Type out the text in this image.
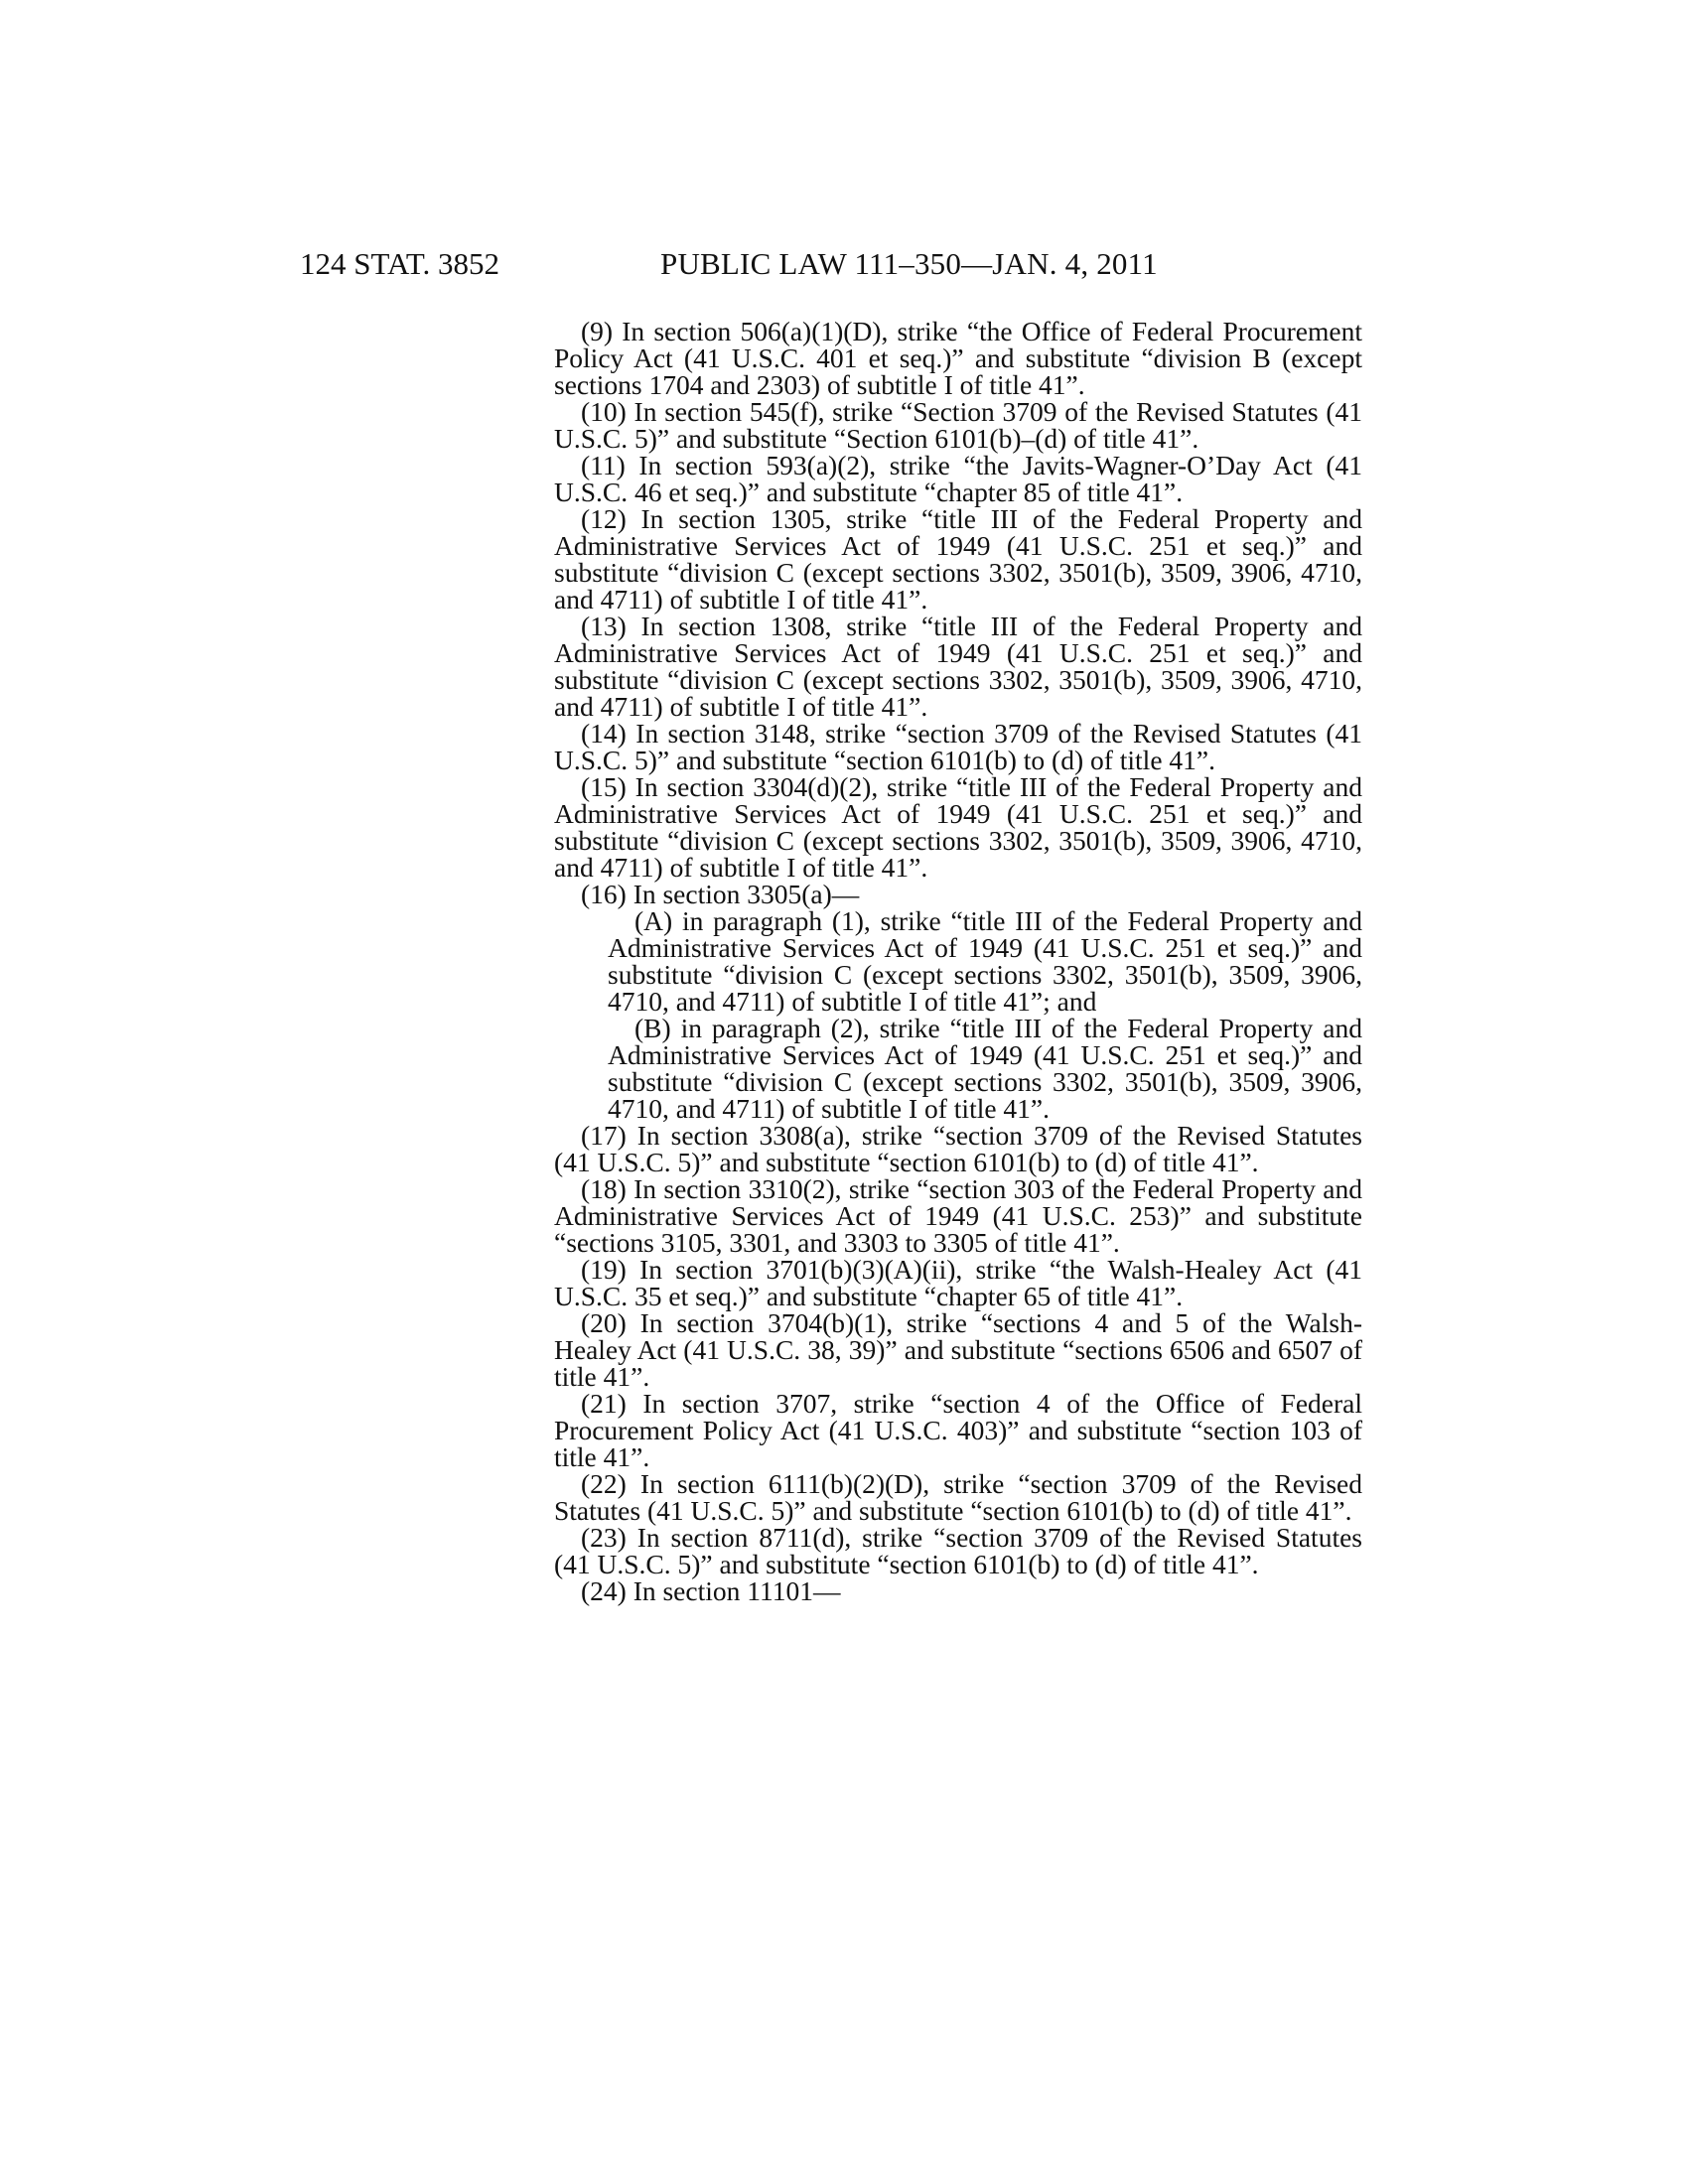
124 STAT. 3852	PUBLIC LAW 111–350—JAN. 4, 2011

(9) In section 506(a)(1)(D), strike “the Office of Federal Procurement Policy Act (41 U.S.C. 401 et seq.)” and substitute “division B (except sections 1704 and 2303) of subtitle I of title 41”.

(10) In section 545(f), strike “Section 3709 of the Revised Statutes (41 U.S.C. 5)” and substitute “Section 6101(b)–(d) of title 41”.

(11) In section 593(a)(2), strike “the Javits-Wagner-O’Day Act (41 U.S.C. 46 et seq.)” and substitute “chapter 85 of title 41”.

(12) In section 1305, strike “title III of the Federal Property and Administrative Services Act of 1949 (41 U.S.C. 251 et seq.)” and substitute “division C (except sections 3302, 3501(b), 3509, 3906, 4710, and 4711) of subtitle I of title 41”.

(13) In section 1308, strike “title III of the Federal Property and Administrative Services Act of 1949 (41 U.S.C. 251 et seq.)” and substitute “division C (except sections 3302, 3501(b), 3509, 3906, 4710, and 4711) of subtitle I of title 41”.

(14) In section 3148, strike “section 3709 of the Revised Statutes (41 U.S.C. 5)” and substitute “section 6101(b) to (d) of title 41”.

(15) In section 3304(d)(2), strike “title III of the Federal Property and Administrative Services Act of 1949 (41 U.S.C. 251 et seq.)” and substitute “division C (except sections 3302, 3501(b), 3509, 3906, 4710, and 4711) of subtitle I of title 41”.

(16) In section 3305(a)—

(A) in paragraph (1), strike “title III of the Federal Property and Administrative Services Act of 1949 (41 U.S.C. 251 et seq.)” and substitute “division C (except sections 3302, 3501(b), 3509, 3906, 4710, and 4711) of subtitle I of title 41”; and

(B) in paragraph (2), strike “title III of the Federal Property and Administrative Services Act of 1949 (41 U.S.C. 251 et seq.)” and substitute “division C (except sections 3302, 3501(b), 3509, 3906, 4710, and 4711) of subtitle I of title 41”.

(17) In section 3308(a), strike “section 3709 of the Revised Statutes (41 U.S.C. 5)” and substitute “section 6101(b) to (d) of title 41”.

(18) In section 3310(2), strike “section 303 of the Federal Property and Administrative Services Act of 1949 (41 U.S.C. 253)” and substitute “sections 3105, 3301, and 3303 to 3305 of title 41”.

(19) In section 3701(b)(3)(A)(ii), strike “the Walsh-Healey Act (41 U.S.C. 35 et seq.)” and substitute “chapter 65 of title 41”.

(20) In section 3704(b)(1), strike “sections 4 and 5 of the Walsh-Healey Act (41 U.S.C. 38, 39)” and substitute “sections 6506 and 6507 of title 41”.

(21) In section 3707, strike “section 4 of the Office of Federal Procurement Policy Act (41 U.S.C. 403)” and substitute “section 103 of title 41”.

(22) In section 6111(b)(2)(D), strike “section 3709 of the Revised Statutes (41 U.S.C. 5)” and substitute “section 6101(b) to (d) of title 41”.

(23) In section 8711(d), strike “section 3709 of the Revised Statutes (41 U.S.C. 5)” and substitute “section 6101(b) to (d) of title 41”.

(24) In section 11101—
